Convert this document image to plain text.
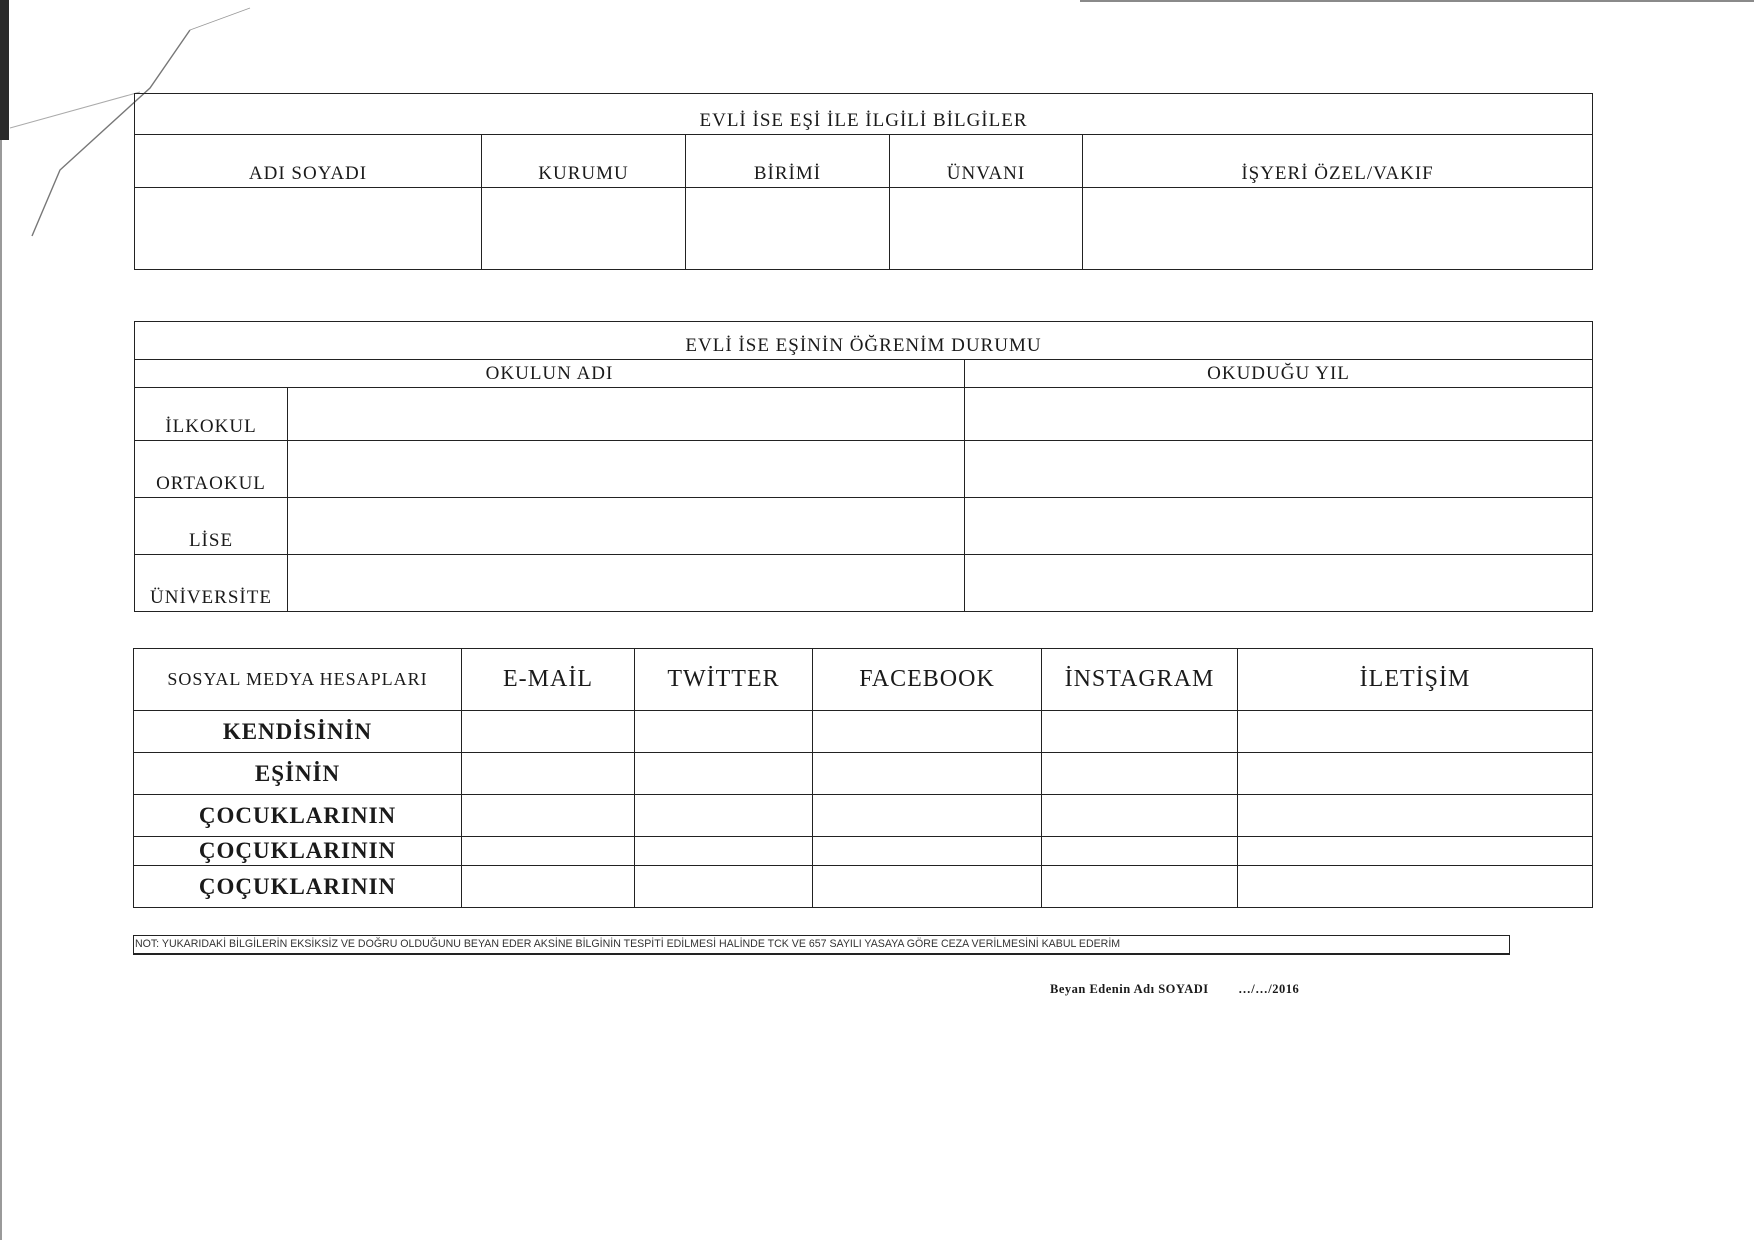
EVLİ İSE EŞİ İLE İLGİLİ BİLGİLER				
ADI SOYADI	KURUMU	BİRİMİ	ÜNVANI	İŞYERİ ÖZEL/VAKIF

EVLİ İSE EŞİNİN ÖĞRENİM DURUMU		
OKULUN ADI		OKUDUĞU YIL
İLKOKUL		
ORTAOKUL		
LİSE		
ÜNİVERSİTE		
SOSYAL MEDYA HESAPLARI	E-MAİL	TWİTTER	FACEBOOK	İNSTAGRAM	İLETİŞİM
KENDİSİNİN					
EŞİNİN					
ÇOCUKLARININ					
ÇOÇUKLARININ					
ÇOÇUKLARININ					
NOT: YUKARIDAKİ BİLGİLERİN EKSİKSİZ VE DOĞRU OLDUĞUNU BEYAN EDER AKSİNE BİLGİNİN TESPİTİ EDİLMESİ HALİNDE TCK VE 657 SAYILI YASAYA GÖRE CEZA VERİLMESİNİ KABUL EDERİM
Beyan Edenin Adı SOYADI …/…/2016
